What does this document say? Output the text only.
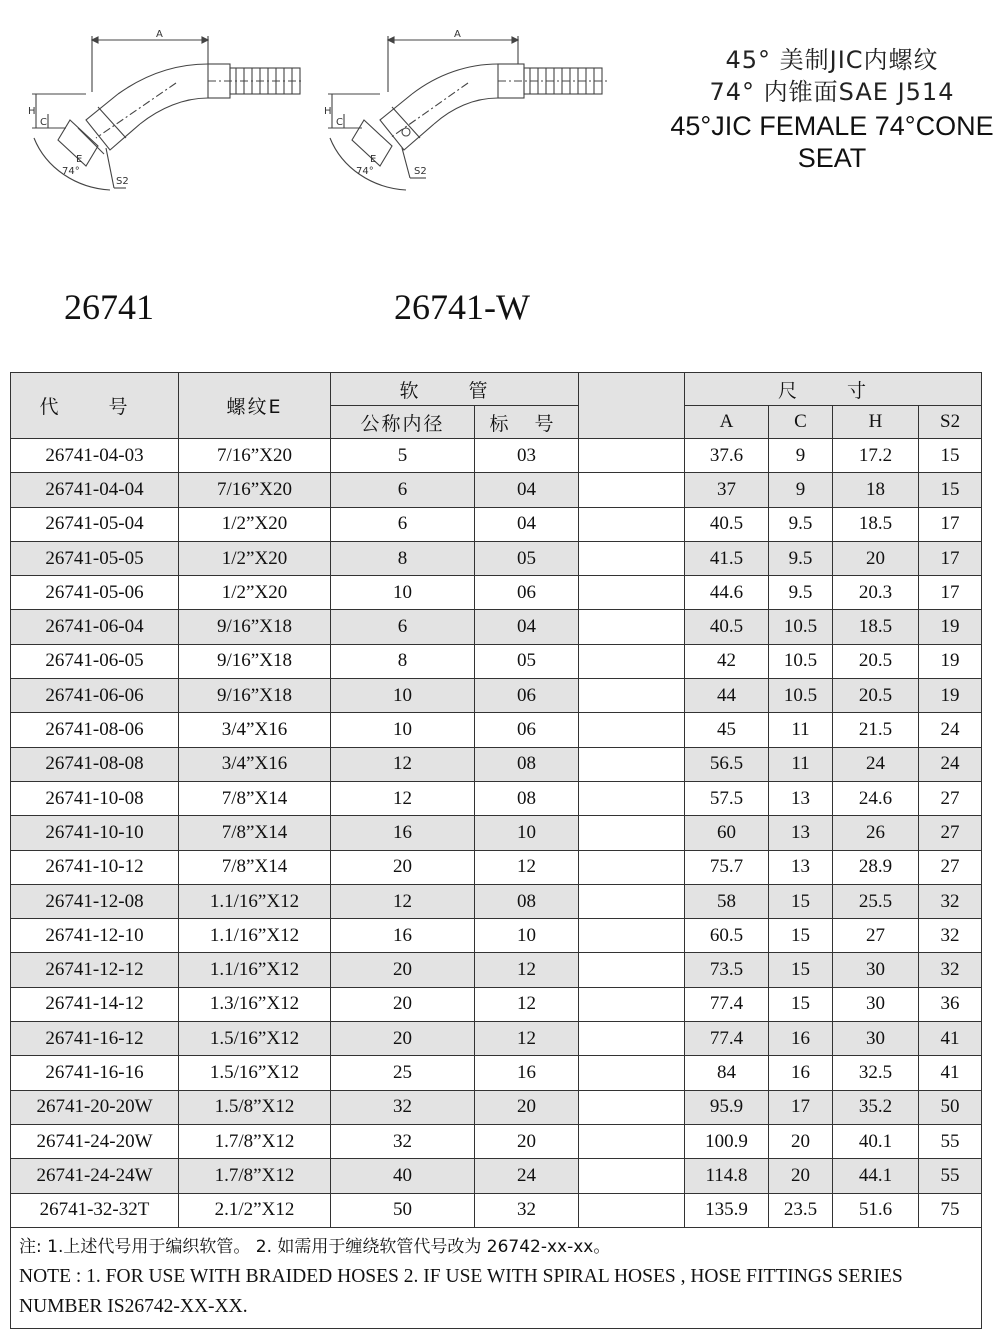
A
H
C
E
74°
S2
A
H
C
E
74°	S2
45° 美制JIC内螺纹
74° 内锥面SAE J514
45°JIC FEMALE 74°CONE
SEAT
26741	26741-W
代 号	螺纹E	软 管			尺 寸			
		公称内径	标 号		A	C	H	S2
26741-04-03	7/16”X20	5	03		37.6	9	17.2	15
26741-04-04	7/16”X20	6	04		37	9	18	15
26741-05-04	1/2”X20	6	04		40.5	9.5	18.5	17
26741-05-05	1/2”X20	8	05		41.5	9.5	20	17
26741-05-06	1/2”X20	10	06		44.6	9.5	20.3	17
26741-06-04	9/16”X18	6	04		40.5	10.5	18.5	19
26741-06-05	9/16”X18	8	05		42	10.5	20.5	19
26741-06-06	9/16”X18	10	06		44	10.5	20.5	19
26741-08-06	3/4”X16	10	06		45	11	21.5	24
26741-08-08	3/4”X16	12	08		56.5	11	24	24
26741-10-08	7/8”X14	12	08		57.5	13	24.6	27
26741-10-10	7/8”X14	16	10		60	13	26	27
26741-10-12	7/8”X14	20	12		75.7	13	28.9	27
26741-12-08	1.1/16”X12	12	08		58	15	25.5	32
26741-12-10	1.1/16”X12	16	10		60.5	15	27	32
26741-12-12	1.1/16”X12	20	12		73.5	15	30	32
26741-14-12	1.3/16”X12	20	12		77.4	15	30	36
26741-16-12	1.5/16”X12	20	12		77.4	16	30	41
26741-16-16	1.5/16”X12	25	16		84	16	32.5	41
26741-20-20W	1.5/8”X12	32	20		95.9	17	35.2	50
26741-24-20W	1.7/8”X12	32	20		100.9	20	40.1	55
26741-24-24W	1.7/8”X12	40	24		114.8	20	44.1	55
26741-32-32T	2.1/2”X12	50	32		135.9	23.5	51.6	75

注: 1.上述代号用于编织软管。 2. 如需用于缠绕软管代号改为 26742-xx-xx。
NOTE : 1. FOR USE WITH BRAIDED HOSES 2. IF USE WITH SPIRAL HOSES , HOSE FITTINGS SERIES NUMBER IS26742-XX-XX.								
